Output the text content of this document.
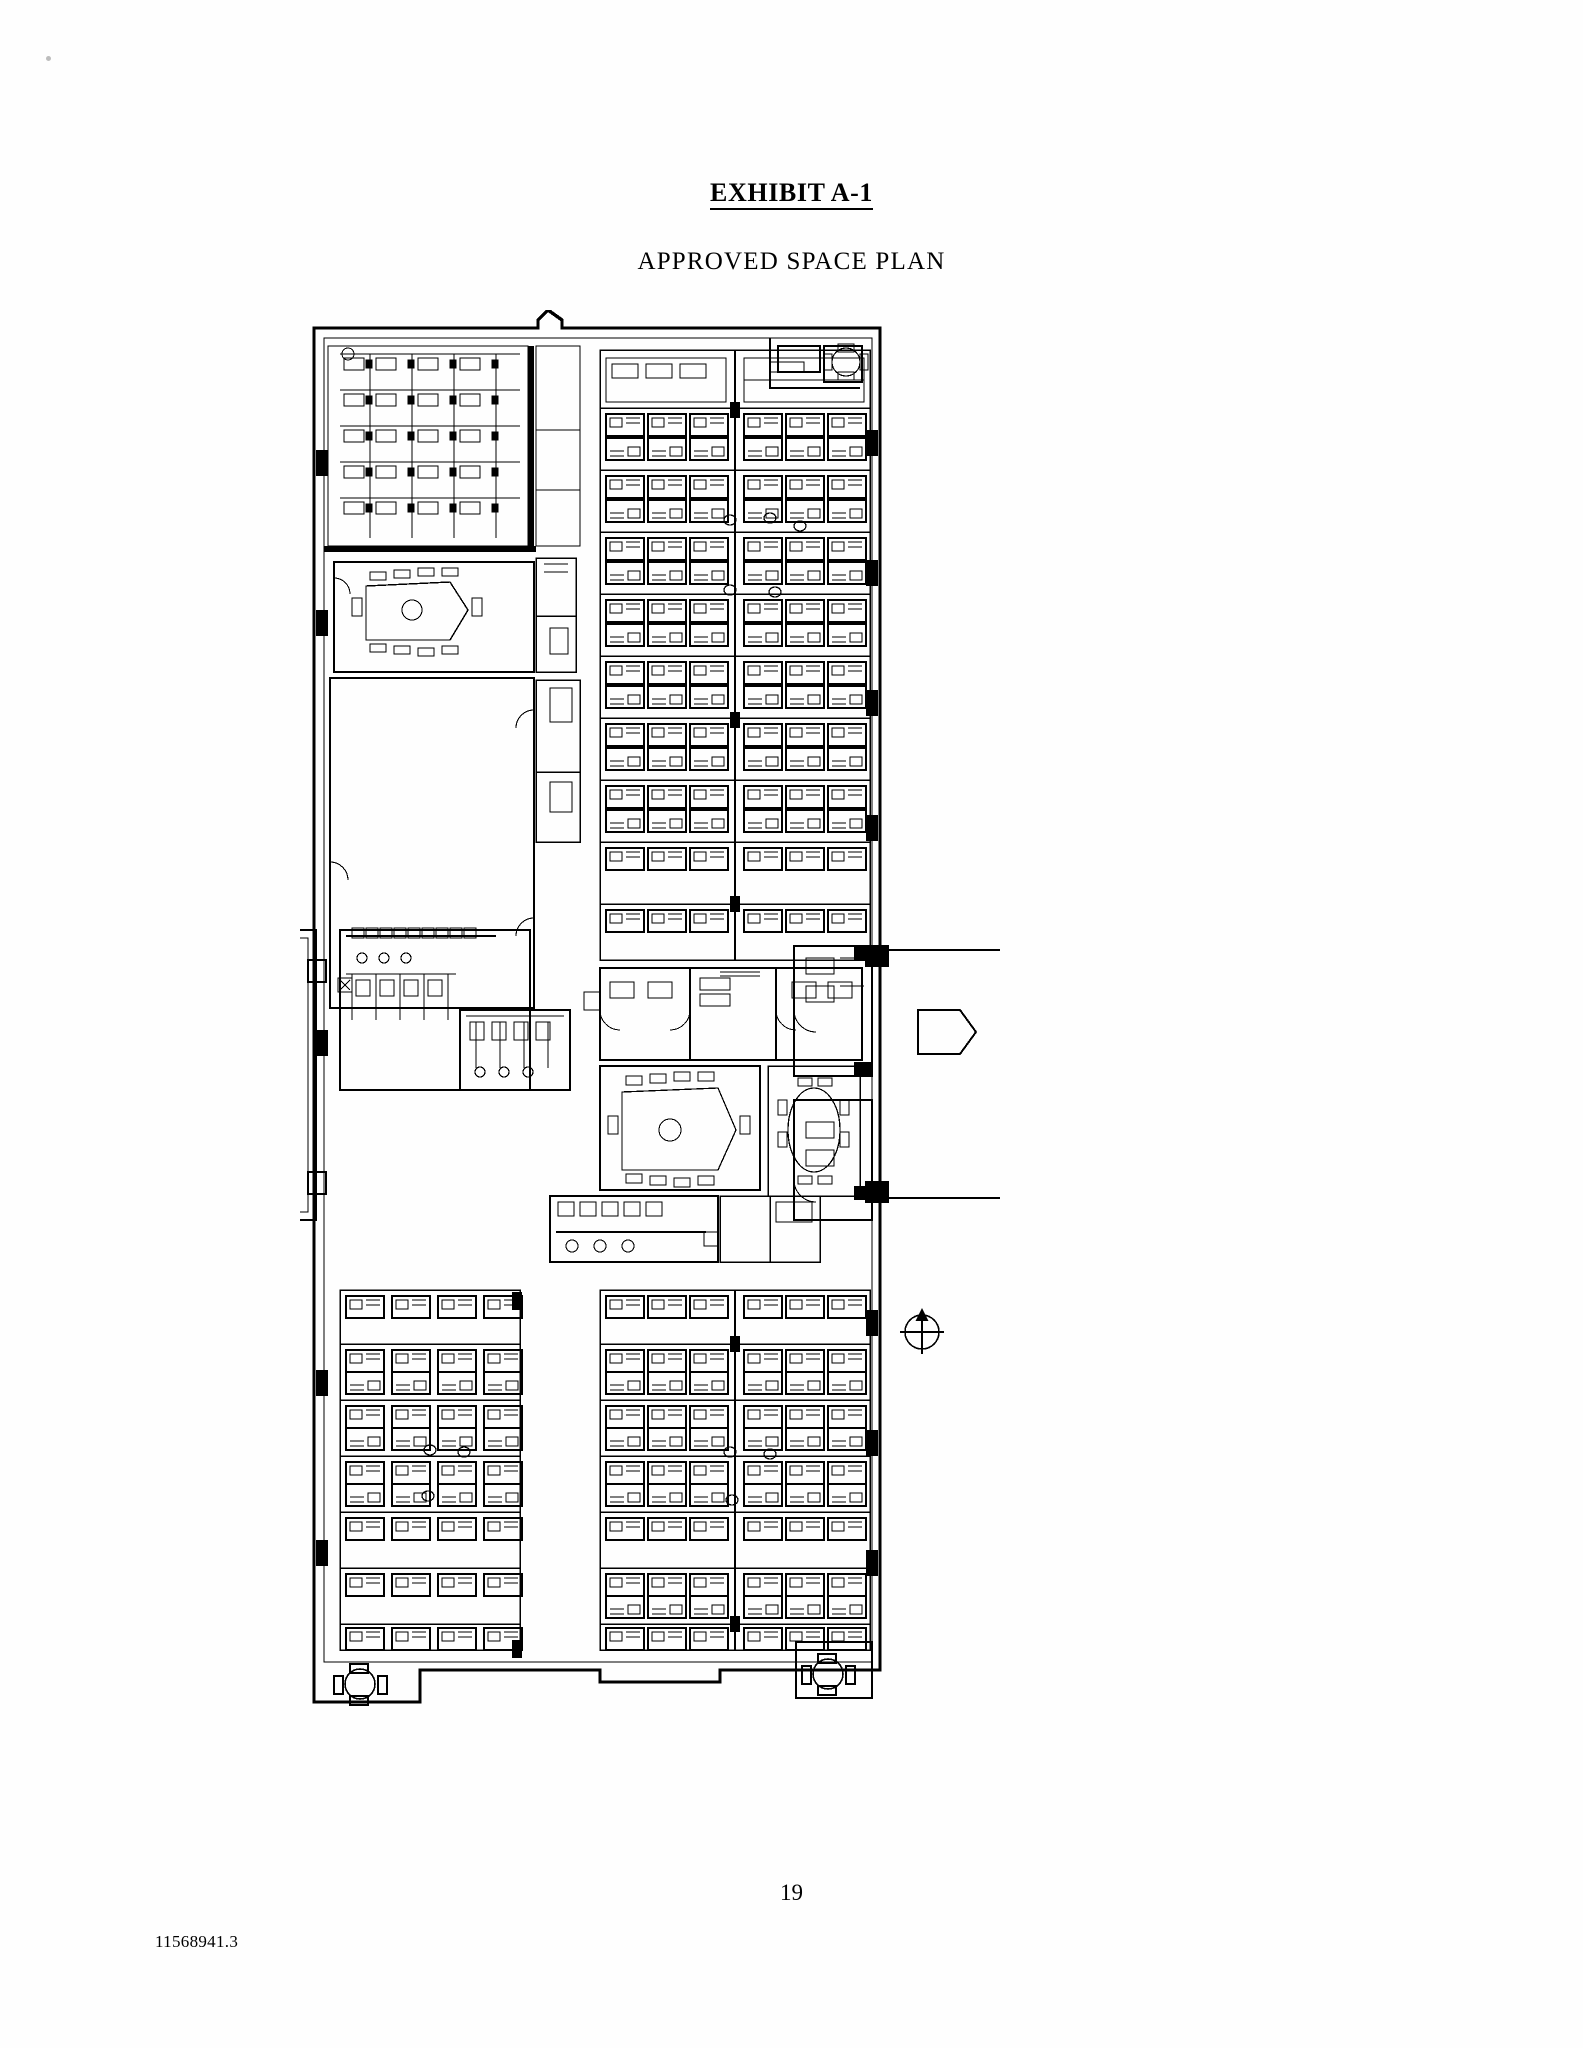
EXHIBIT A-1
APPROVED SPACE PLAN
19
11568941.3
